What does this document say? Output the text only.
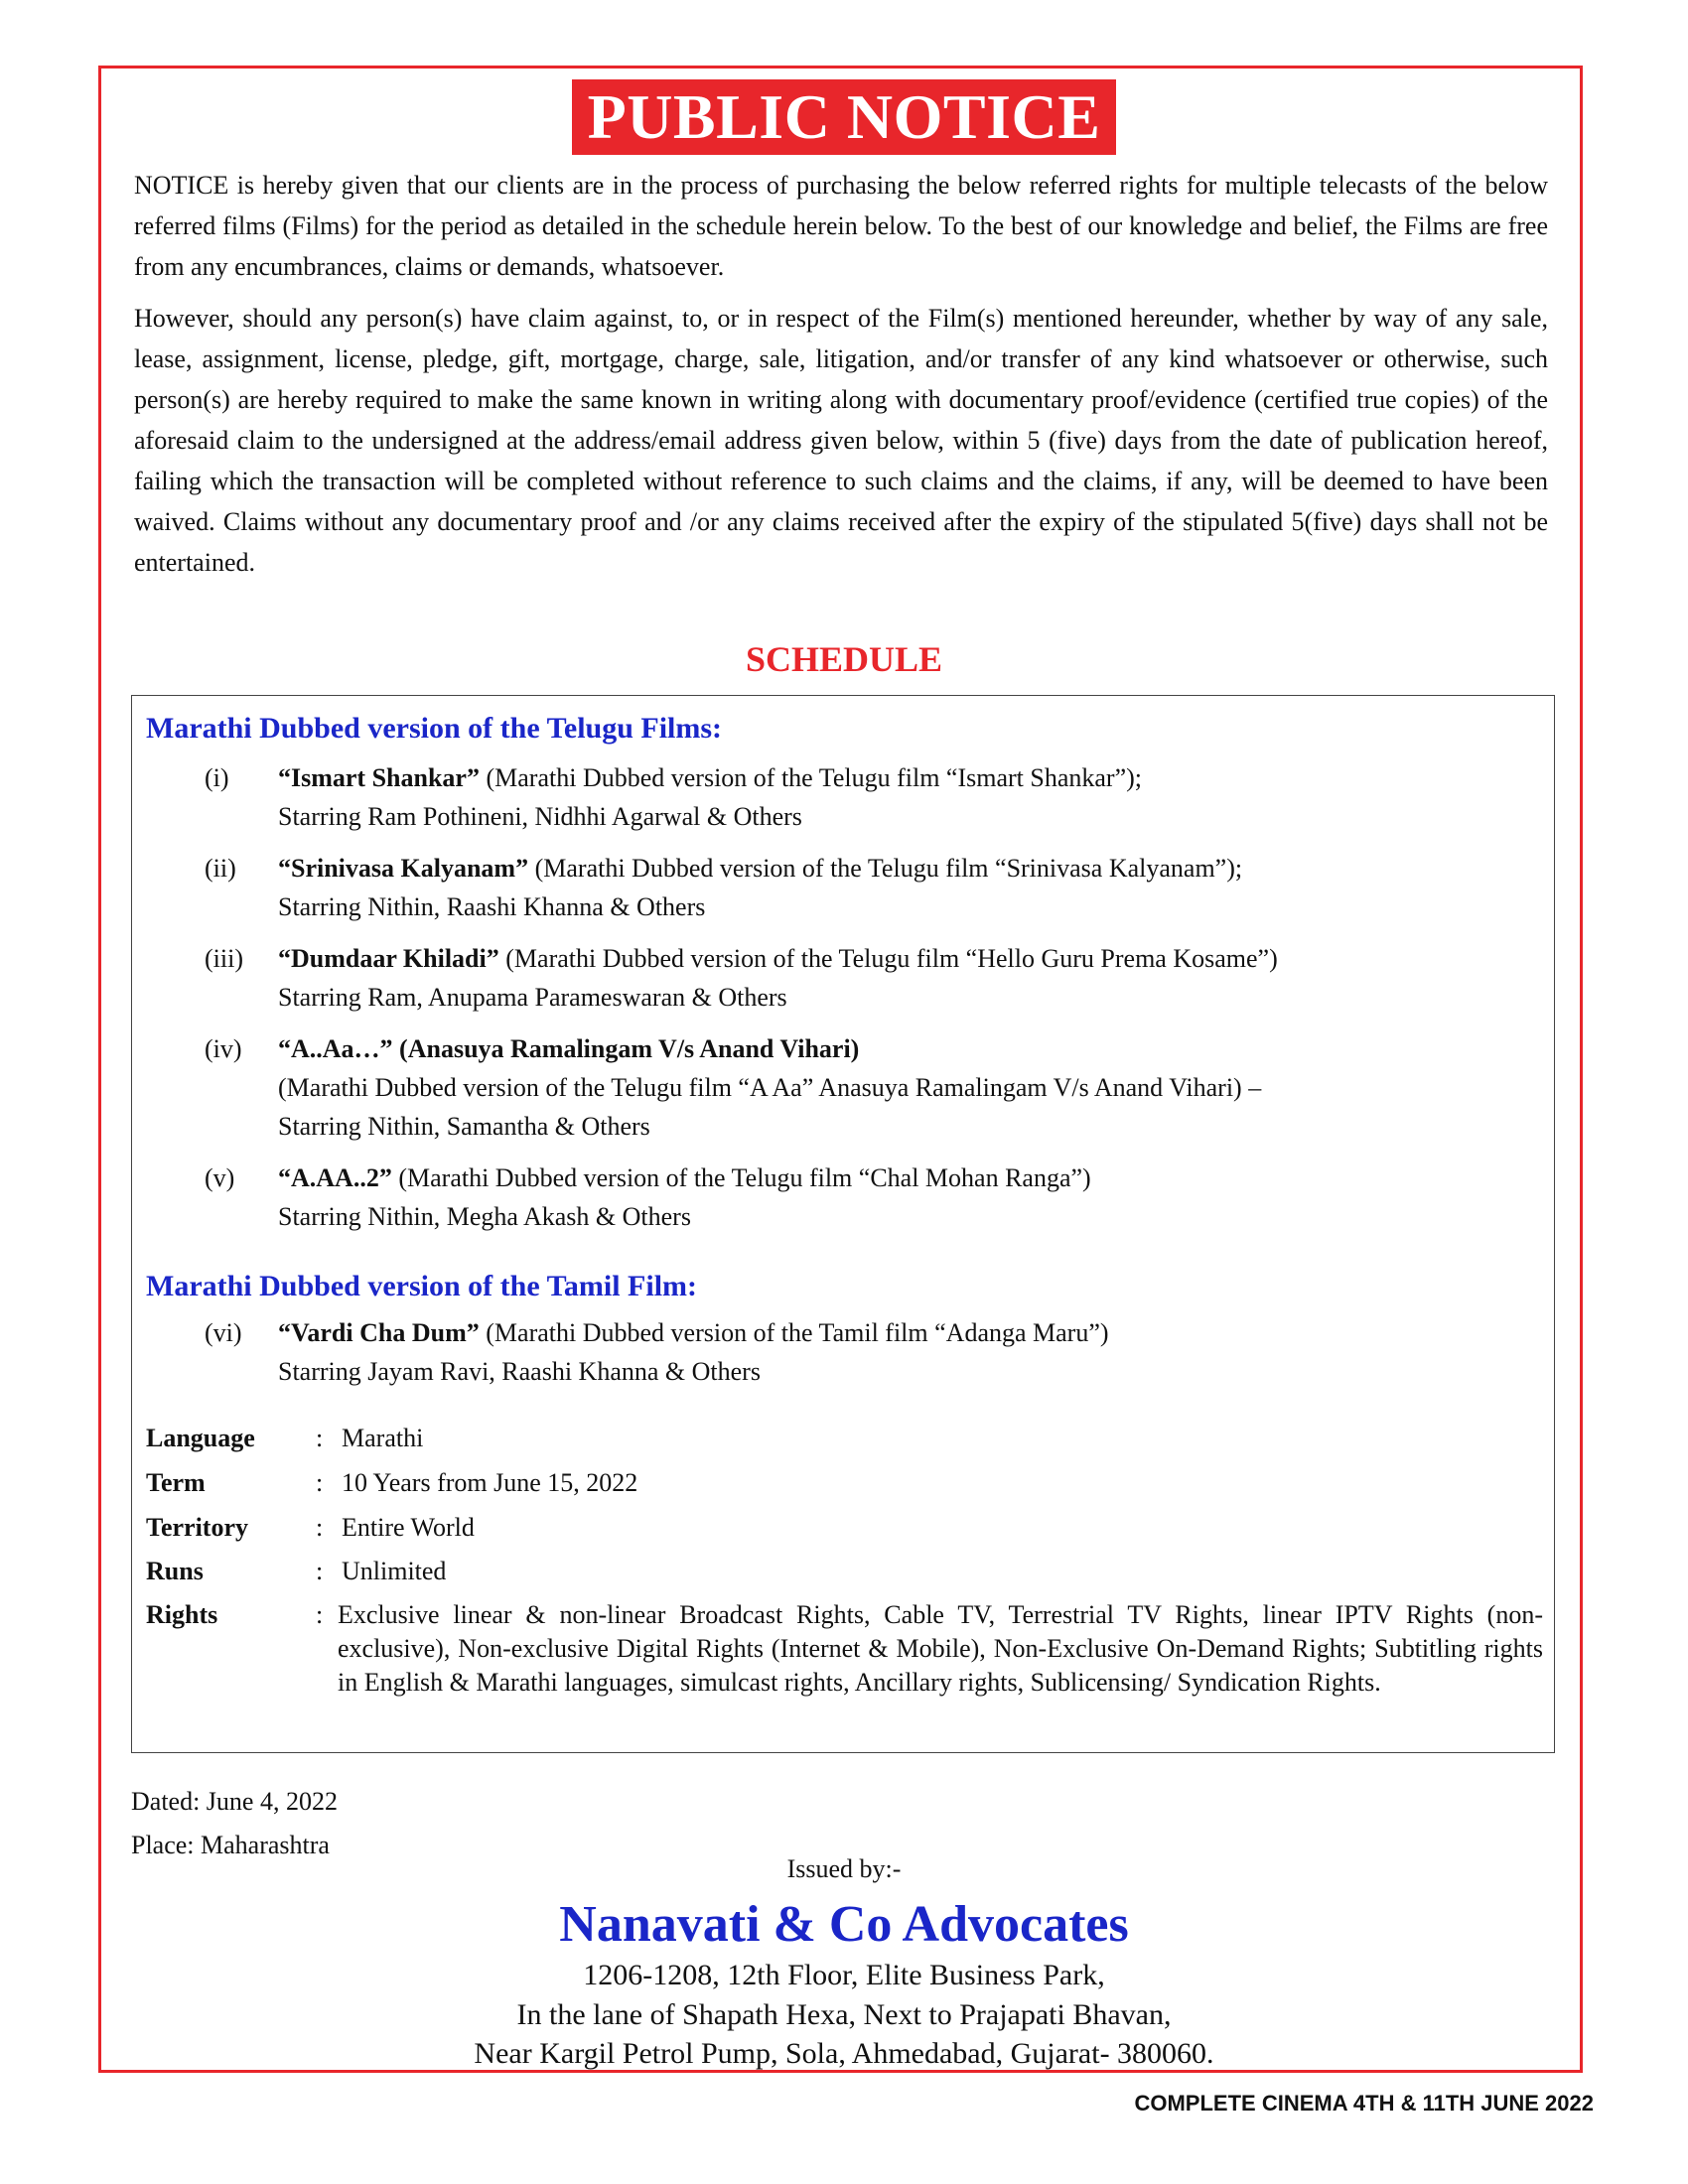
PUBLIC NOTICE
NOTICE is hereby given that our clients are in the process of purchasing the below referred rights for multiple telecasts of the below referred films (Films) for the period as detailed in the schedule herein below. To the best of our knowledge and belief, the Films are free from any encumbrances, claims or demands, whatsoever.
However, should any person(s) have claim against, to, or in respect of the Film(s) mentioned hereunder, whether by way of any sale, lease, assignment, license, pledge, gift, mortgage, charge, sale, litigation, and/or transfer of any kind whatsoever or otherwise, such person(s) are hereby required to make the same known in writing along with documentary proof/evidence (certified true copies) of the aforesaid claim to the undersigned at the address/email address given below, within 5 (five) days from the date of publication hereof, failing which the transaction will be completed without reference to such claims and the claims, if any, will be deemed to have been waived. Claims without any documentary proof and /or any claims received after the expiry of the stipulated 5(five) days shall not be entertained.
SCHEDULE
Marathi Dubbed version of the Telugu Films:
(i) “Ismart Shankar” (Marathi Dubbed version of the Telugu film “Ismart Shankar”);
Starring Ram Pothineni, Nidhhi Agarwal & Others
(ii) “Srinivasa Kalyanam” (Marathi Dubbed version of the Telugu film “Srinivasa Kalyanam”);
Starring Nithin, Raashi Khanna & Others
(iii) “Dumdaar Khiladi” (Marathi Dubbed version of the Telugu film “Hello Guru Prema Kosame”)
Starring Ram, Anupama Parameswaran & Others
(iv) “A..Aa…” (Anasuya Ramalingam V/s Anand Vihari)
(Marathi Dubbed version of the Telugu film “A Aa” Anasuya Ramalingam V/s Anand Vihari) –
Starring Nithin, Samantha & Others
(v) “A.AA..2” (Marathi Dubbed version of the Telugu film “Chal Mohan Ranga”)
Starring Nithin, Megha Akash & Others
Marathi Dubbed version of the Tamil Film:
(vi) “Vardi Cha Dum” (Marathi Dubbed version of the Tamil film “Adanga Maru”)
Starring Jayam Ravi, Raashi Khanna & Others
Language : Marathi
Term	: 10 Years from June 15, 2022
Territory	: Entire World
Runs	: Unlimited
Rights	: Exclusive linear & non-linear Broadcast Rights, Cable TV, Terrestrial TV Rights, linear IPTV Rights (non-exclusive), Non-exclusive Digital Rights (Internet & Mobile), Non-Exclusive On-Demand Rights; Subtitling rights in English & Marathi languages, simulcast rights, Ancillary rights, Sublicensing/ Syndication Rights.
Dated: June 4, 2022
Place: Maharashtra
Issued by:-
Nanavati & Co Advocates
1206-1208, 12th Floor, Elite Business Park,
In the lane of Shapath Hexa, Next to Prajapati Bhavan,
Near Kargil Petrol Pump, Sola, Ahmedabad, Gujarat- 380060.
COMPLETE CINEMA 4TH & 11TH JUNE 2022
